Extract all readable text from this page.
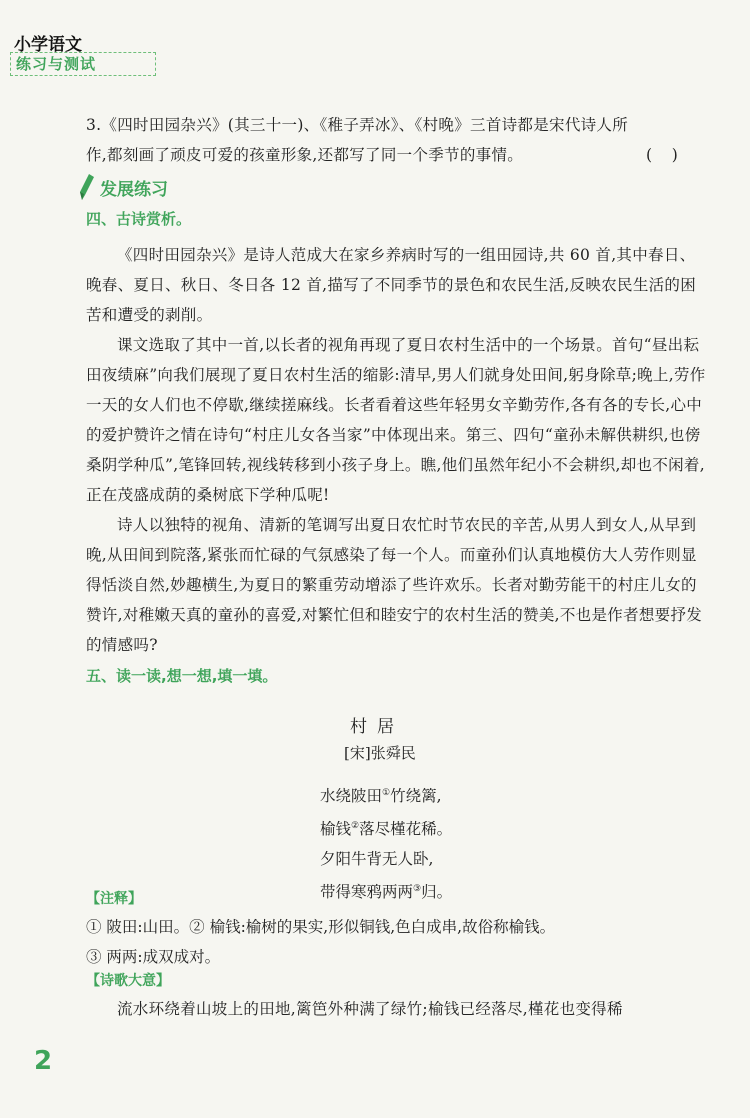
小学语文
练习与测试
3.《四时田园杂兴》(其三十一)、《稚子弄冰》、《村晚》三首诗都是宋代诗人所
作,都刻画了顽皮可爱的孩童形象,还都写了同一个季节的事情。	(    )
发展练习
四、古诗赏析。
《四时田园杂兴》是诗人范成大在家乡养病时写的一组田园诗,共 60 首,其中春日、晚春、夏日、秋日、冬日各 12 首,描写了不同季节的景色和农民生活,反映农民生活的困苦和遭受的剥削。
课文选取了其中一首,以长者的视角再现了夏日农村生活中的一个场景。首句“昼出耘田夜绩麻”向我们展现了夏日农村生活的缩影:清早,男人们就身处田间,躬身除草;晚上,劳作一天的女人们也不停歇,继续搓麻线。长者看着这些年轻男女辛勤劳作,各有各的专长,心中的爱护赞许之情在诗句“村庄儿女各当家”中体现出来。第三、四句“童孙未解供耕织,也傍桑阴学种瓜”,笔锋回转,视线转移到小孩子身上。瞧,他们虽然年纪小不会耕织,却也不闲着,正在茂盛成荫的桑树底下学种瓜呢!
诗人以独特的视角、清新的笔调写出夏日农忙时节农民的辛苦,从男人到女人,从早到晚,从田间到院落,紧张而忙碌的气氛感染了每一个人。而童孙们认真地模仿大人劳作则显得恬淡自然,妙趣横生,为夏日的繁重劳动增添了些许欢乐。长者对勤劳能干的村庄儿女的赞许,对稚嫩天真的童孙的喜爱,对繁忙但和睦安宁的农村生活的赞美,不也是作者想要抒发的情感吗?
五、读一读,想一想,填一填。
村居
[宋]张舜民
水绕陂田①竹绕篱,
榆钱②落尽槿花稀。
夕阳牛背无人卧,
带得寒鸦两两③归。
【注释】
① 陂田:山田。② 榆钱:榆树的果实,形似铜钱,色白成串,故俗称榆钱。
③ 两两:成双成对。
【诗歌大意】
流水环绕着山坡上的田地,篱笆外种满了绿竹;榆钱已经落尽,槿花也变得稀
2
